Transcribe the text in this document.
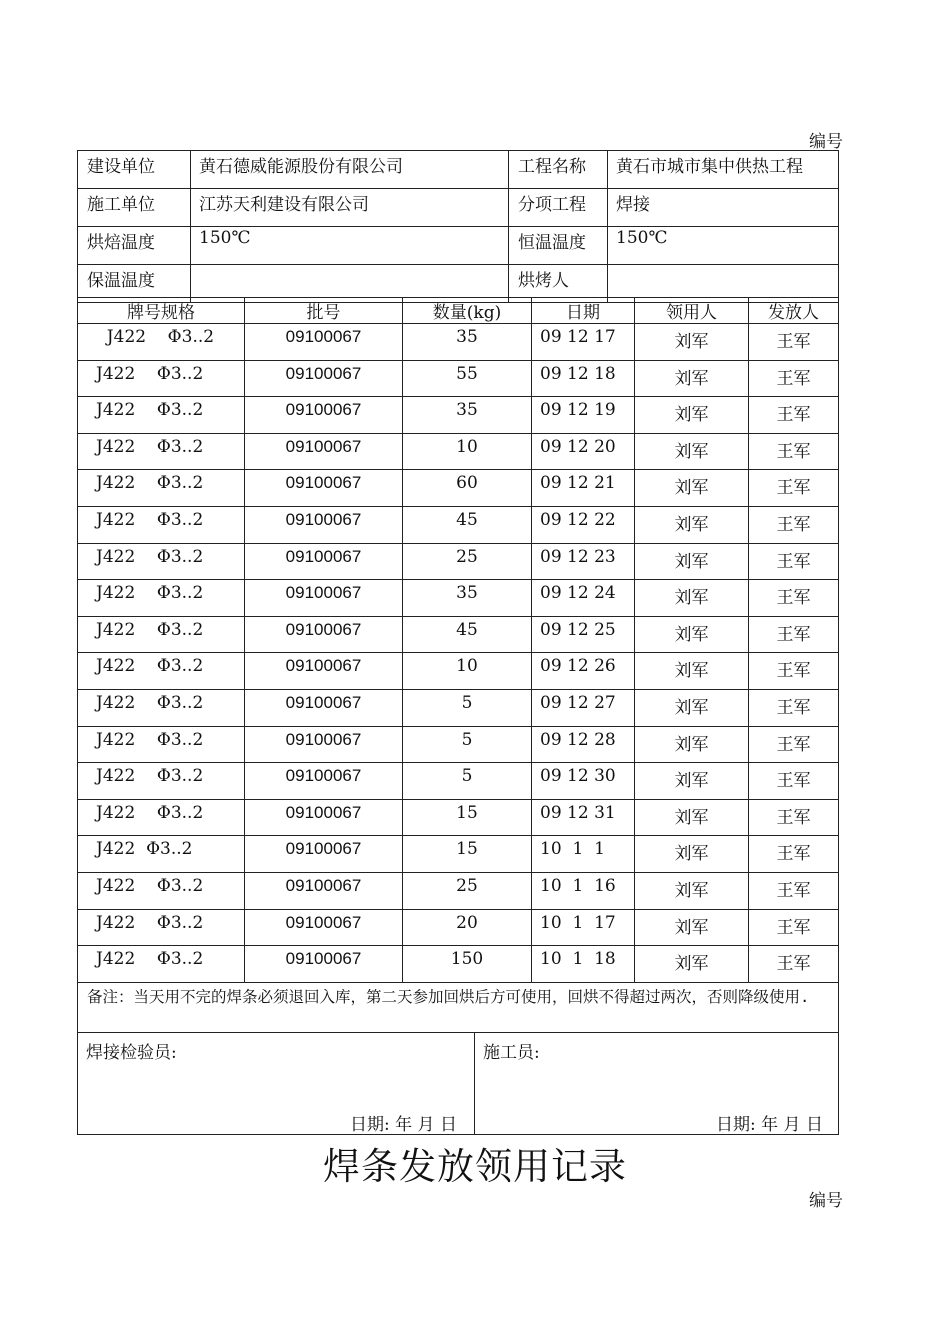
编号
建设单位	黄石德威能源股份有限公司	工程名称	黄石市城市集中供热工程
施工单位	江苏天利建设有限公司	分项工程	焊接
烘焙温度	150℃	恒温温度	150℃
保温温度		烘烤人	
牌号规格	批号	数量(kg)	日期	领用人	发放人

J422    Φ3..2	09100067	35	09 12 17	刘军	王军

J422    Φ3..2	09100067	55	09 12 18	刘军	王军

J422    Φ3..2	09100067	35	09 12 19	刘军	王军

J422    Φ3..2	09100067	10	09 12 20	刘军	王军

J422    Φ3..2	09100067	60	09 12 21	刘军	王军

J422    Φ3..2	09100067	45	09 12 22	刘军	王军

J422    Φ3..2	09100067	25	09 12 23	刘军	王军

J422    Φ3..2	09100067	35	09 12 24	刘军	王军

J422    Φ3..2	09100067	45	09 12 25	刘军	王军

J422    Φ3..2	09100067	10	09 12 26	刘军	王军

J422    Φ3..2	09100067	5	09 12 27	刘军	王军

J422    Φ3..2	09100067	5	09 12 28	刘军	王军

J422    Φ3..2	09100067	5	09 12 30	刘军	王军

J422    Φ3..2	09100067	15	09 12 31	刘军	王军

J422  Φ3..2	09100067	15	10  1  1	刘军	王军

J422    Φ3..2	09100067	25	10  1  16	刘军	王军

J422    Φ3..2	09100067	20	10  1  17	刘军	王军

J422    Φ3..2	09100067	150	10  1  18	刘军	王军
备注：当天用不完的焊条必须退回入库，第二天参加回烘后方可使用，回烘不得超过两次，否则降级使用.
焊接检验员:	施工员:
日期: 年 月 日	日期: 年 月 日
焊条发放领用记录
编号
